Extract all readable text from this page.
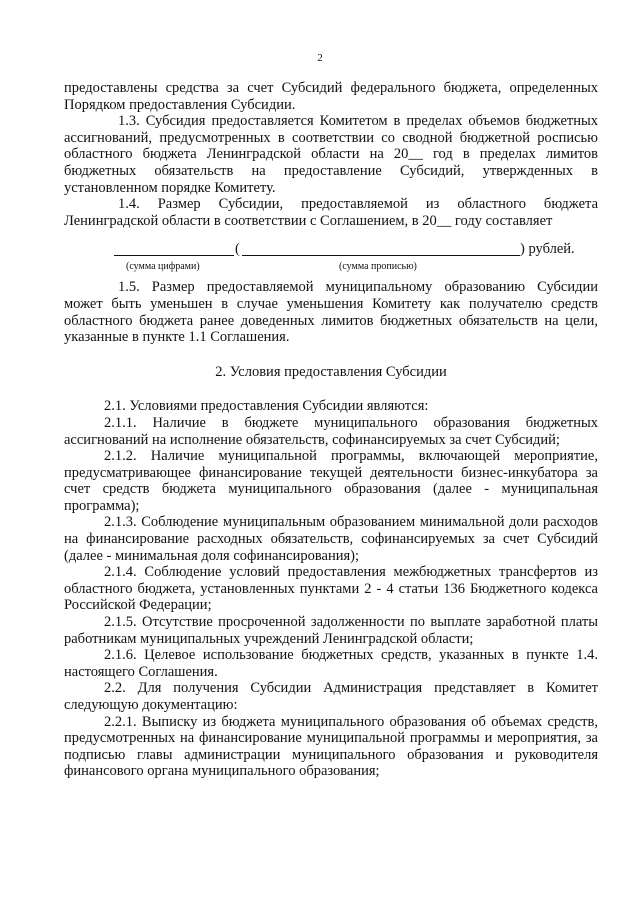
2

предоставлены средства за счет Субсидий федерального бюджета, определенных Порядком предоставления Субсидии.

1.3. Субсидия предоставляется Комитетом в пределах объемов бюджетных ассигнований, предусмотренных в соответствии со сводной бюджетной росписью областного бюджета Ленинградской области на 20__ год в пределах лимитов бюджетных обязательств на предоставление Субсидий, утвержденных в установленном порядке Комитету.

1.4. Размер Субсидии, предоставляемой из областного бюджета Ленинградской области в соответствии с Соглашением, в 20__ году составляет

(	) рублей.
(сумма цифрами)	(сумма прописью)

1.5. Размер предоставляемой муниципальному образованию Субсидии может быть уменьшен в случае уменьшения Комитету как получателю средств областного бюджета ранее доведенных лимитов бюджетных обязательств на цели, указанные в пункте 1.1 Соглашения.

2. Условия предоставления Субсидии

2.1. Условиями предоставления Субсидии являются:

2.1.1. Наличие в бюджете муниципального образования бюджетных ассигнований на исполнение обязательств, софинансируемых за счет Субсидий;

2.1.2. Наличие муниципальной программы, включающей мероприятие, предусматривающее финансирование текущей деятельности бизнес-инкубатора за счет средств бюджета муниципального образования (далее - муниципальная программа);

2.1.3. Соблюдение муниципальным образованием минимальной доли расходов на финансирование расходных обязательств, софинансируемых за счет Субсидий (далее - минимальная доля софинансирования);

2.1.4. Соблюдение условий предоставления межбюджетных трансфертов из областного бюджета, установленных пунктами 2 - 4 статьи 136 Бюджетного кодекса Российской Федерации;

2.1.5. Отсутствие просроченной задолженности по выплате заработной платы работникам муниципальных учреждений Ленинградской области;

2.1.6. Целевое использование бюджетных средств, указанных в пункте 1.4. настоящего Соглашения.

2.2. Для получения Субсидии Администрация представляет в Комитет следующую документацию:

2.2.1. Выписку из бюджета муниципального образования об объемах средств, предусмотренных на финансирование муниципальной программы и мероприятия, за подписью главы администрации муниципального образования и руководителя финансового органа муниципального образования;
